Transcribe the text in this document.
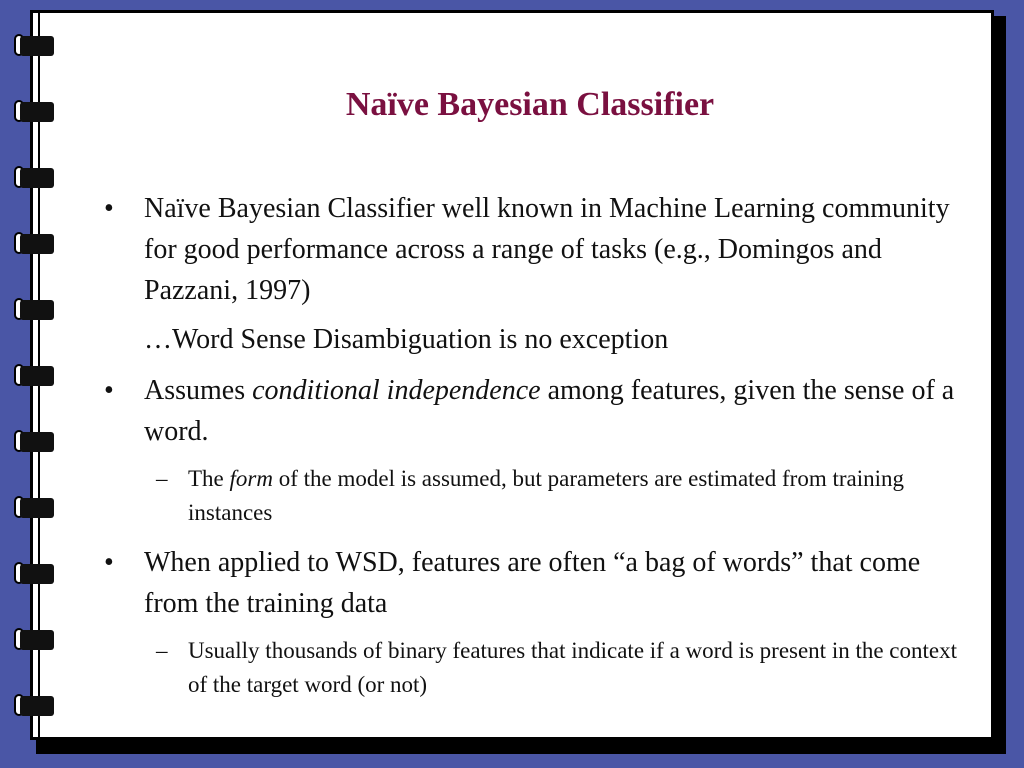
Naïve Bayesian Classifier
• Naïve Bayesian Classifier well known in Machine Learning community for good performance across a range of tasks (e.g., Domingos and Pazzani, 1997)
…Word Sense Disambiguation is no exception
• Assumes conditional independence among features, given the sense of a word.
– The form of the model is assumed, but parameters are estimated from training instances
• When applied to WSD, features are often “a bag of words” that come from the training data
– Usually thousands of binary features that indicate if a word is present in the context of the target word (or not)
